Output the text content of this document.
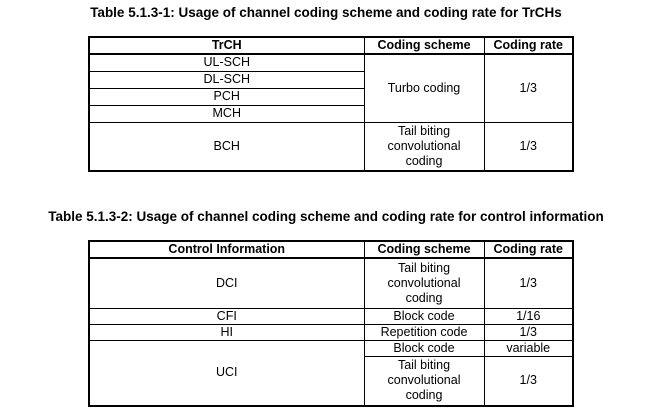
Table 5.1.3-1: Usage of channel coding scheme and coding rate for TrCHs
TrCH	Coding scheme	Coding rate
UL-SCH	Turbo coding	1/3
DL-SCH		
PCH		
MCH		
BCH	Tail biting
convolutional
coding	1/3
Table 5.1.3-2: Usage of channel coding scheme and coding rate for control information
Control Information	Coding scheme	Coding rate
DCI	Tail biting
convolutional
coding	1/3
CFI	Block code	1/16
HI	Repetition code	1/3
UCI	Block code	variable
	Tail biting
convolutional
coding	1/3
